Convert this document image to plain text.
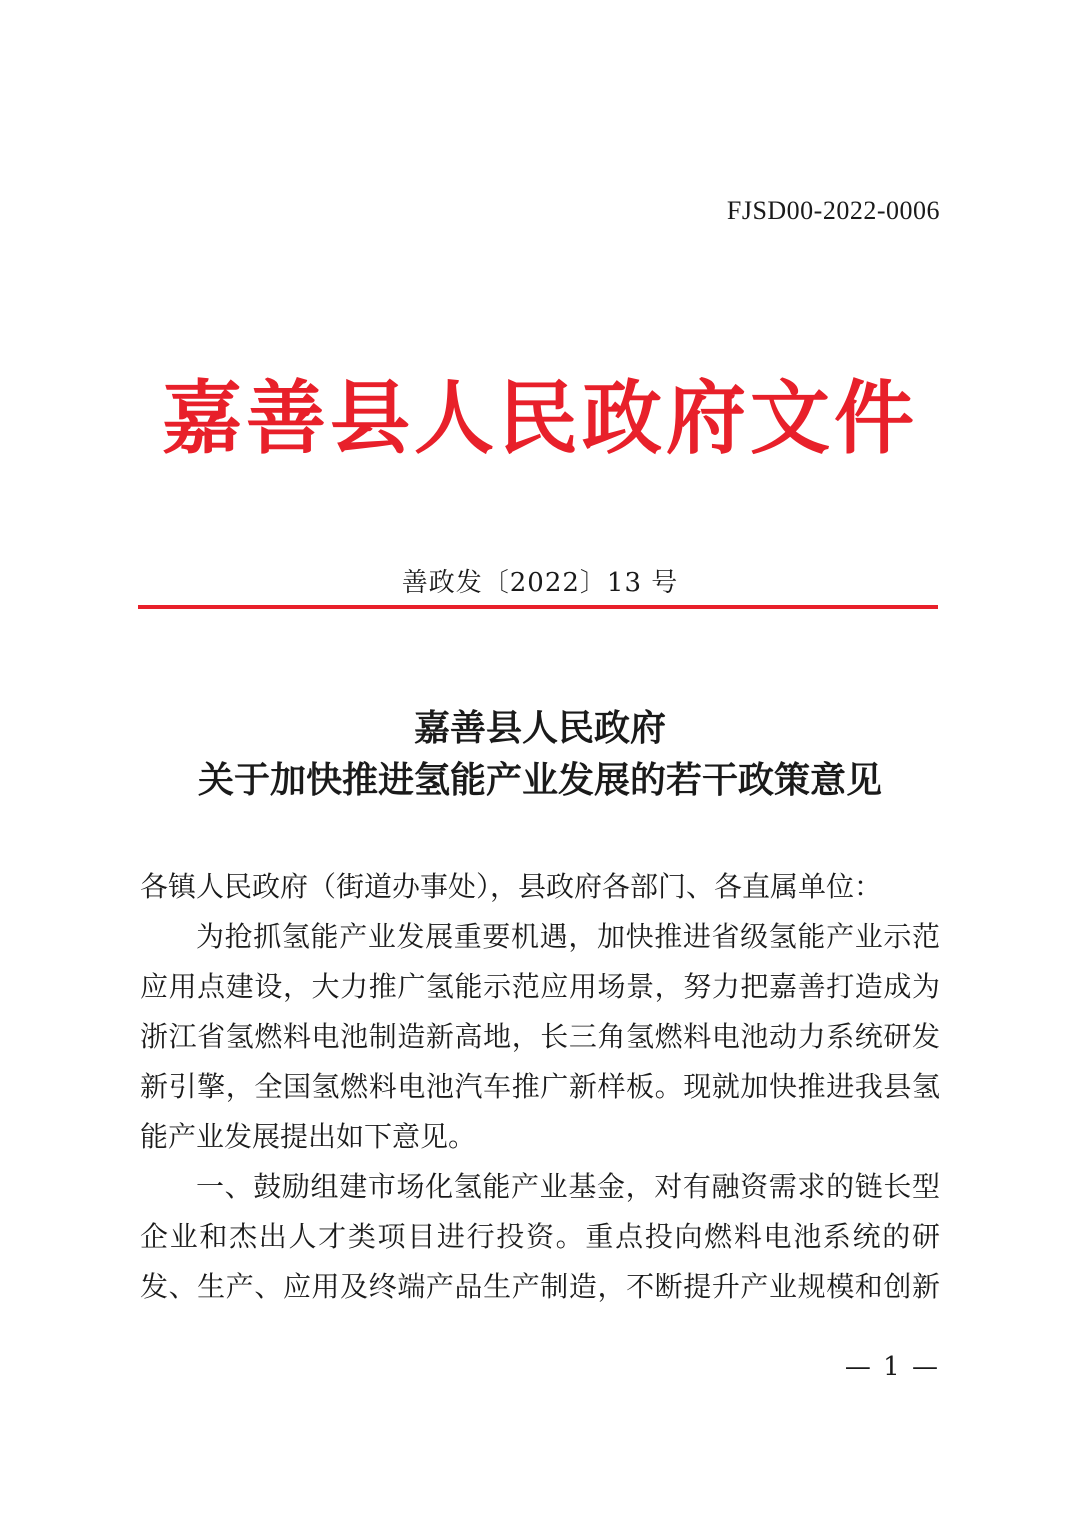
FJSD00-2022-0006
嘉善县人民政府文件
善政发〔2022〕13 号
嘉善县人民政府
关于加快推进氢能产业发展的若干政策意见
各镇人民政府（街道办事处），县政府各部门、各直属单位：
为抢抓氢能产业发展重要机遇，加快推进省级氢能产业示范
应用点建设，大力推广氢能示范应用场景，努力把嘉善打造成为
浙江省氢燃料电池制造新高地，长三角氢燃料电池动力系统研发
新引擎，全国氢燃料电池汽车推广新样板。现就加快推进我县氢
能产业发展提出如下意见。
一、鼓励组建市场化氢能产业基金，对有融资需求的链长型
企业和杰出人才类项目进行投资。重点投向燃料电池系统的研
发、生产、应用及终端产品生产制造，不断提升产业规模和创新
— 1 —
